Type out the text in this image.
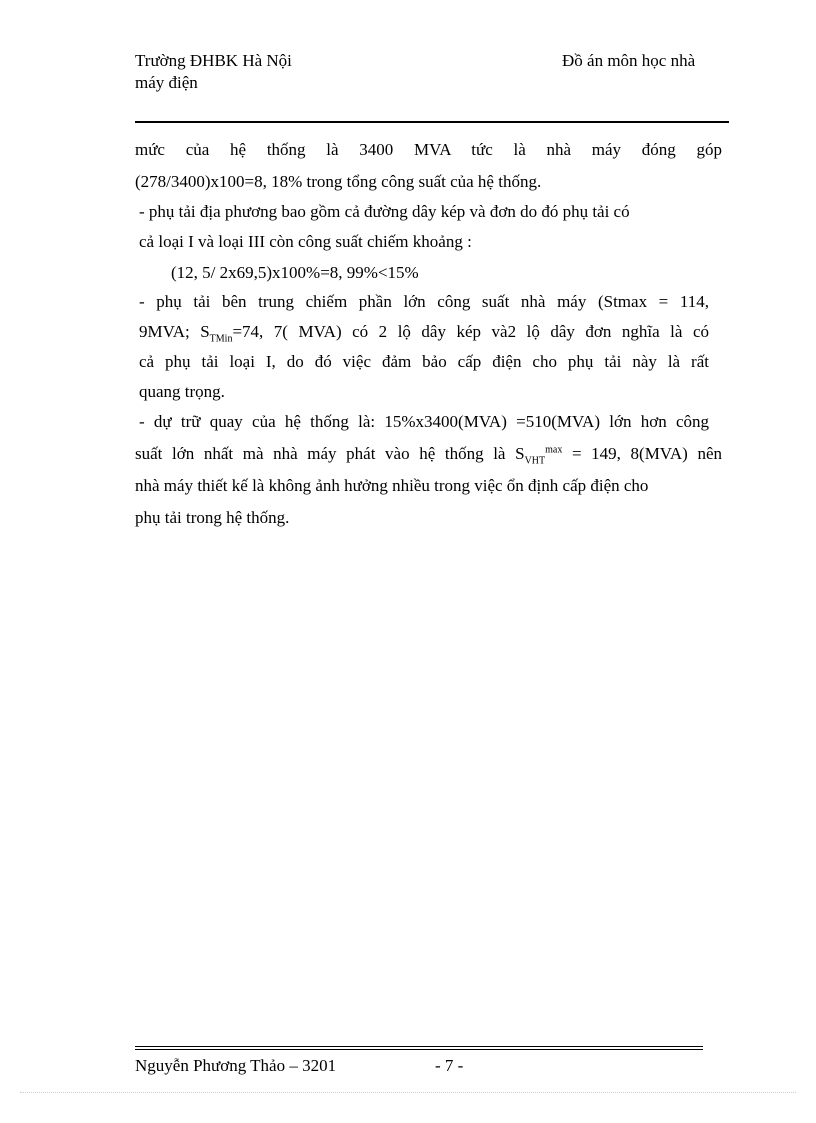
Trường ĐHBK Hà Nội
máy điện
Đồ án môn học nhà
mức của hệ thống là 3400 MVA tức là nhà máy đóng góp
(278/3400)x100=8, 18% trong tổng công suất của hệ thống.
- phụ tải địa phương bao gồm cả đường dây kép và đơn do đó phụ tải có
cả loại I và loại III còn công suất chiếm khoảng :
(12, 5/ 2x69,5)x100%=8, 99%<15%
- phụ tải bên trung chiếm phần lớn công suất nhà máy (Stmax = 114,
9MVA; $S_{TMin}=74$, 7( MVA) có 2 lộ dây kép và2 lộ dây đơn nghĩa là có
cả phụ tải loại I, do đó việc đảm bảo cấp điện cho phụ tải này là rất
quang trọng.
- dự trữ quay của hệ thống là: 15%x3400(MVA) =510(MVA) lớn hơn công
suất lớn nhất mà nhà máy phát vào hệ thống là $S_{VHT}^{max} = 149$, 8(MVA) nên
nhà máy thiết kế là không ảnh hưởng nhiều trong việc ổn định cấp điện cho
phụ tải trong hệ thống.
Nguyễn Phương Thảo – 3201	- 7 -
